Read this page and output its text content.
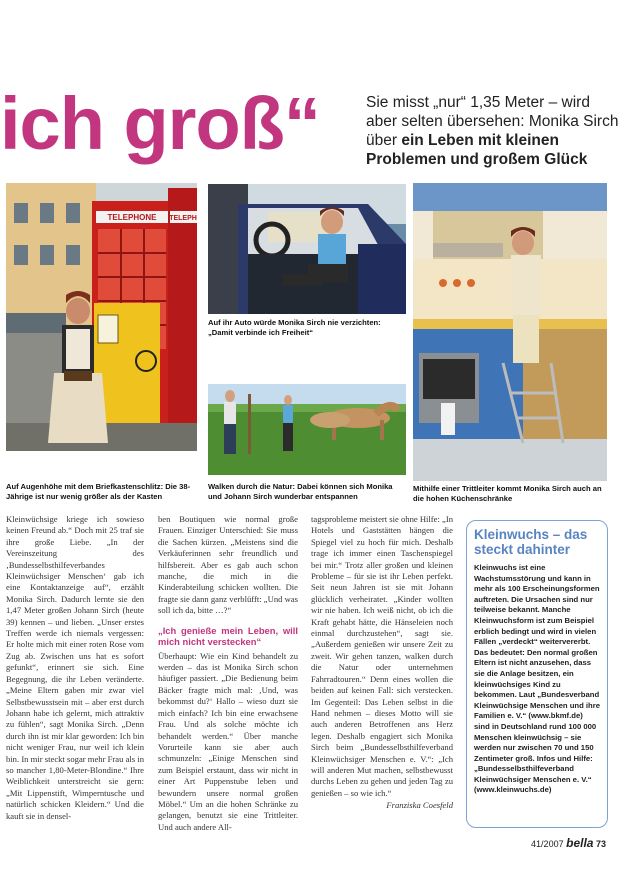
ich groß“	Sie misst „nur“ 1,35 Meter – wird aber selten übersehen: Monika Sirch über ein Leben mit kleinen Problemen und großem Glück
TELEPHONE TELEPH
Auf Augenhöhe mit dem Briefkastenschlitz: Die 38-Jährige ist nur wenig größer als der Kasten
Auf ihr Auto würde Monika Sirch nie verzichten: „Damit verbinde ich Freiheit“
Walken durch die Natur: Dabei können sich Monika und Johann Sirch wunderbar entspannen
Mithilfe einer Trittleiter kommt Monika Sirch auch an die hohen Küchenschränke

Kleinwüchsige kriege ich sowieso keinen Freund ab.“ Doch mit 25 traf sie ihre große Liebe. „In der Vereinszeitung des ‚Bundesselbsthilfeverbandes Kleinwüchsiger Menschen‘ gab ich eine Kontaktanzeige auf“, erzählt Monika Sirch. Dadurch lernte sie den 1,47 Meter großen Johann Sirch (heute 39) kennen – und lieben. „Unser erstes Treffen werde ich niemals vergessen: Er holte mich mit einer roten Rose vom Zug ab. Zwischen uns hat es sofort gefunkt“, erinnert sie sich. Eine Begegnung, die ihr Leben veränderte. „Meine Eltern gaben mir zwar viel Selbstbewusstsein mit – aber erst durch Johann habe ich gelernt, mich attraktiv zu fühlen“, sagt Monika Sirch. „Denn durch ihn ist mir klar geworden: Ich bin nicht weniger Frau, nur weil ich klein bin. In mir steckt sogar mehr Frau als in so mancher 1,80-Meter-Blondine.“ Ihre Weiblichkeit unterstreicht sie gern: „Mit Lippenstift, Wimperntusche und natürlich schicken Kleidern.“ Und die kauft sie in densel-

ben Boutiquen wie normal große Frauen. Einziger Unterschied: Sie muss die Sachen kürzen. „Meistens sind die Verkäuferinnen sehr freundlich und hilfsbereit. Aber es gab auch schon manche, die mich in die Kinderabteilung schicken wollten. Die fragte sie dann ganz verblüfft: „Und was soll ich da, bitte …?“

„Ich genieße mein Leben, will mich nicht verstecken“

Überhaupt: Wie ein Kind behandelt zu werden – das ist Monika Sirch schon häufiger passiert. „Die Bedienung beim Bäcker fragte mich mal: ‚Und, was bekommst du?‘ Hallo – wieso duzt sie mich einfach? Ich bin eine erwachsene Frau. Und als solche möchte ich behandelt werden.“ Über manche Vorurteile kann sie aber auch schmunzeln: „Einige Menschen sind zum Beispiel erstaunt, dass wir nicht in einer Art Puppenstube leben und bewundern unsere normal großen Möbel.“ Um an die hohen Schränke zu gelangen, benutzt sie eine Trittleiter. Und auch andere All-

tagsprobleme meistert sie ohne Hilfe: „In Hotels und Gaststätten hängen die Spiegel viel zu hoch für mich. Deshalb trage ich immer einen Taschenspiegel bei mir.“ Trotz aller großen und kleinen Probleme – für sie ist ihr Leben perfekt. Seit neun Jahren ist sie mit Johann glücklich verheiratet. „Kinder wollten wir nie haben. Ich weiß nicht, ob ich die Kraft gehabt hätte, die Hänseleien noch einmal durchzustehen“, sagt sie. „Außerdem genießen wir unsere Zeit zu zweit. Wir gehen tanzen, walken durch die Natur oder unternehmen Fahrradtouren.“ Denn eines wollen die beiden auf keinen Fall: sich verstecken. Im Gegenteil: Das Leben selbst in die Hand nehmen – dieses Motto will sie auch anderen Betroffenen ans Herz legen. Deshalb engagiert sich Monika Sirch beim „Bundesselbsthilfeverband Kleinwüchsiger Menschen e. V.“: „Ich will anderen Mut machen, selbstbewusst durchs Leben zu gehen und jeden Tag zu genießen – so wie ich.“

Franziska Coesfeld

Kleinwuchs – das steckt dahinter
Kleinwuchs ist eine Wachstumsstörung und kann in mehr als 100 Erscheinungsformen auftreten. Die Ursachen sind nur teilweise bekannt. Manche Kleinwuchsform ist zum Beispiel erblich bedingt und wird in vielen Fällen „verdeckt“ weitervererbt. Das bedeutet: Den normal großen Eltern ist nicht anzusehen, dass sie die Anlage besitzen, ein kleinwüchsiges Kind zu bekommen. Laut „Bundesverband Kleinwüchsige Menschen und ihre Familien e. V.“ (www.bkmf.de) sind in Deutschland rund 100 000 Menschen kleinwüchsig – sie werden nur zwischen 70 und 150 Zentimeter groß. Infos und Hilfe: „Bundesselbsthilfeverband Kleinwüchsiger Menschen e. V.“ (www.kleinwuchs.de)
41/2007 bella 73
